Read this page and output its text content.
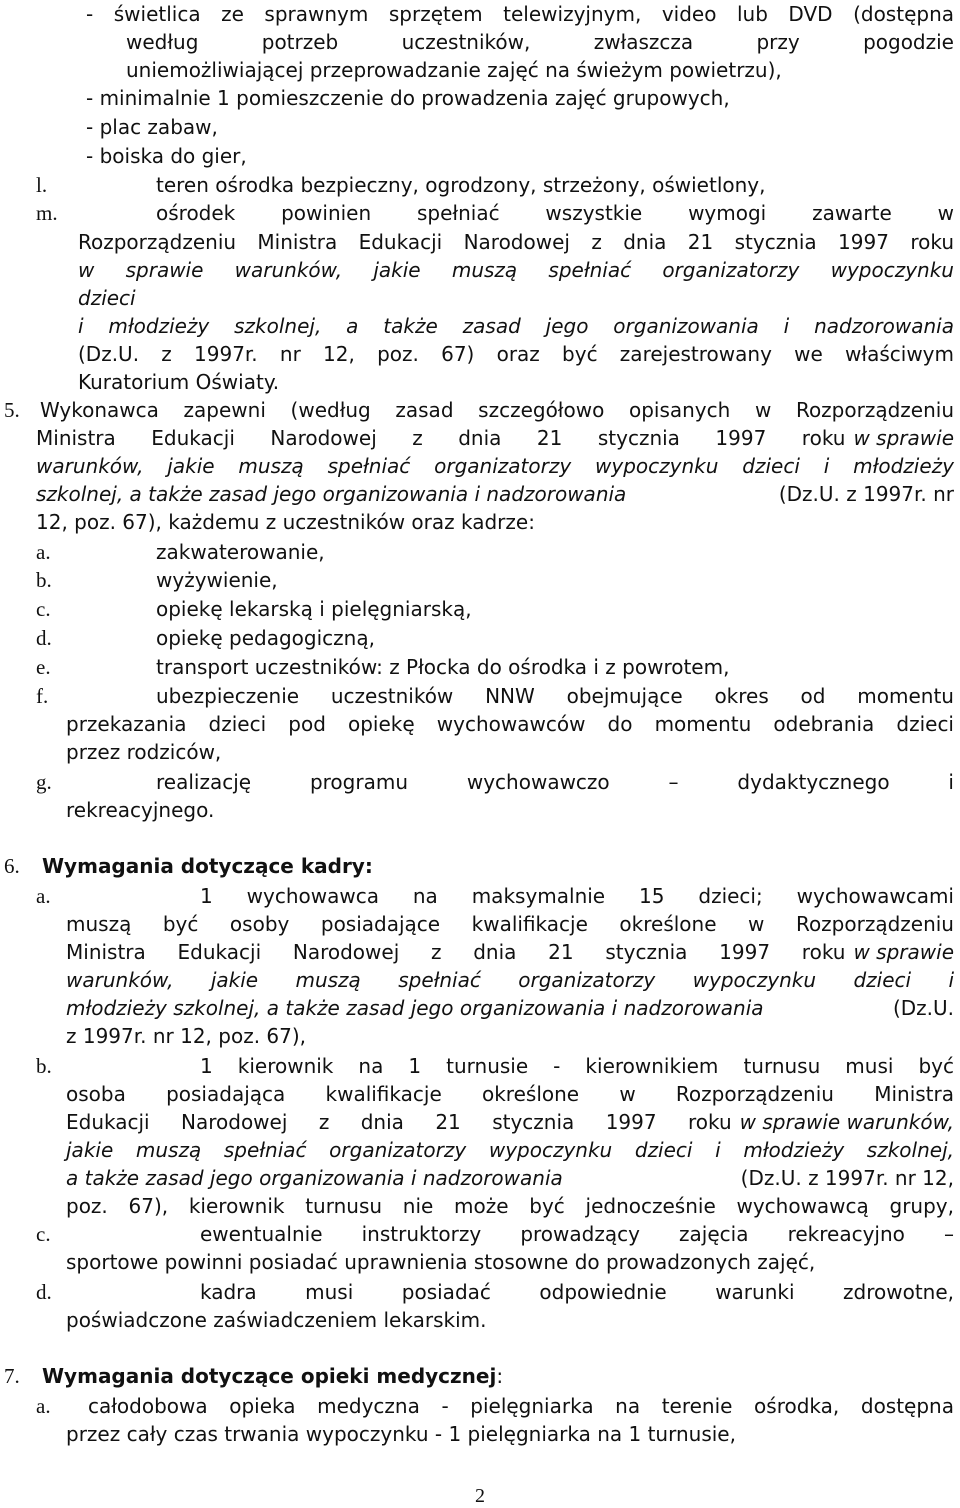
- świetlica ze sprawnym sprzętem telewizyjnym, video lub DVD (dostępna
według potrzeb uczestników, zwłaszcza przy pogodzie
uniemożliwiającej przeprowadzanie zajęć na świeżym powietrzu),
- minimalnie 1 pomieszczenie do prowadzenia zajęć grupowych,
- plac zabaw,
- boiska do gier,
l.	teren ośrodka bezpieczny, ogrodzony, strzeżony, oświetlony,
m.	ośrodek powinien spełniać wszystkie wymogi zawarte w
Rozporządzeniu Ministra Edukacji Narodowej z dnia 21 stycznia 1997 roku
w sprawie warunków, jakie muszą spełniać organizatorzy wypoczynku
dzieci
i młodzieży szkolnej, a także zasad jego organizowania i nadzorowania
(Dz.U. z 1997r. nr 12, poz. 67) oraz być zarejestrowany we właściwym
Kuratorium Oświaty.
5. Wykonawca zapewni (według zasad szczegółowo opisanych w Rozporządzeniu
Ministra Edukacji Narodowej z dnia 21 stycznia 1997 roku w sprawie
warunków, jakie muszą spełniać organizatorzy wypoczynku dzieci i młodzieży
szkolnej, a także zasad jego organizowania i nadzorowania	(Dz.U. z 1997r. nr
12, poz. 67), każdemu z uczestników oraz kadrze:
a.	zakwaterowanie,
b.	wyżywienie,
c.	opiekę lekarską i pielęgniarską,
d.	opiekę pedagogiczną,
e.	transport uczestników: z Płocka do ośrodka i z powrotem,
f.	ubezpieczenie uczestników NNW obejmujące okres od momentu
przekazania dzieci pod opiekę wychowawców do momentu odebrania dzieci
przez rodziców,
g.	realizację programu wychowawczo – dydaktycznego i
rekreacyjnego.
6. Wymagania dotyczące kadry:
a.	1 wychowawca na maksymalnie 15 dzieci; wychowawcami
muszą być osoby posiadające kwalifikacje określone w Rozporządzeniu
Ministra Edukacji Narodowej z dnia 21 stycznia 1997 roku w sprawie
warunków, jakie muszą spełniać organizatorzy wypoczynku dzieci i
młodzieży szkolnej, a także zasad jego organizowania i nadzorowania	(Dz.U.
z 1997r. nr 12, poz. 67),
b.	1 kierownik na 1 turnusie - kierownikiem turnusu musi być
osoba posiadająca kwalifikacje określone w Rozporządzeniu Ministra
Edukacji Narodowej z dnia 21 stycznia 1997 roku w sprawie warunków,
jakie muszą spełniać organizatorzy wypoczynku dzieci i młodzieży szkolnej,
a także zasad jego organizowania i nadzorowania	(Dz.U. z 1997r. nr 12,
poz. 67), kierownik turnusu nie może być jednocześnie wychowawcą grupy,
c.	ewentualnie instruktorzy prowadzący zajęcia rekreacyjno –
sportowe powinni posiadać uprawnienia stosowne do prowadzonych zajęć,
d.	kadra musi posiadać odpowiednie warunki zdrowotne,
poświadczone zaświadczeniem lekarskim.
7. Wymagania dotyczące opieki medycznej:
a. całodobowa opieka medyczna - pielęgniarka na terenie ośrodka, dostępna
przez cały czas trwania wypoczynku - 1 pielęgniarka na 1 turnusie,
2
